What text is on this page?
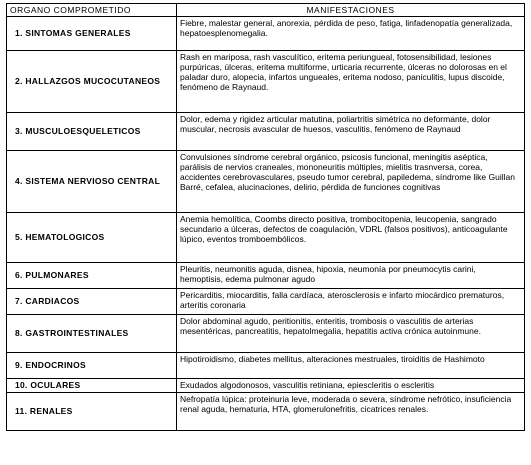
ORGANO COMPROMETIDO	MANIFESTACIONES
1. SINTOMAS GENERALES	Fiebre, malestar general, anorexia, pérdida de peso, fatiga, linfadenopatía generalizada, hepatoesplenomegalia.
2. HALLAZGOS MUCOCUTANEOS	Rash en mariposa, rash vasculítico, eritema periungueal, fotosensibilidad, lesiones purpúricas, úlceras, eritema multiforme, urticaria recurrente, úlceras no dolorosas en el paladar duro, alopecia, infartos ungueales, eritema nodoso, paniculitis, lupus discoide, fenómeno de Raynaud.
3. MUSCULOESQUELETICOS	Dolor, edema y rigidez articular matutina, poliartritis simétrica no deformante, dolor muscular, necrosis avascular de huesos, vasculitis, fenómeno de Raynaud
4. SISTEMA NERVIOSO CENTRAL	Convulsiones síndrome cerebral orgánico, psicosis funcional, meningitis aséptica, parálisis de nervios craneales, mononeuritis múltiples, mielitis trasnversa, corea, accidentes cerebrovasculares, pseudo tumor cerebral, papiledema, síndrome like Guillan Barré, cefalea, alucinaciones, delirio, pérdida de funciones cognitivas
5. HEMATOLOGICOS	Anemia hemolítica, Coombs directo positiva, trombocitopenia, leucopenia, sangrado secundario a úlceras, defectos de coagulación, VDRL (falsos positivos), anticoagulante lúpico, eventos tromboembólicos.
6. PULMONARES	Pleuritis, neumonitis aguda, disnea, hipoxia, neumonía por pneumocytis carini, hemoptisis, edema pulmonar agudo
7. CARDIACOS	Pericarditis, miocarditis, falla cardíaca, aterosclerosis e infarto miocárdico prematuros, arteritis coronaria
8. GASTROINTESTINALES	Dolor abdominal agudo, peritionitis, enteritis, trombosis o vasculitis de arterias mesentéricas, pancreatitis, hepatolmegalia, hepatitis activa crónica autoinmune.
9. ENDOCRINOS	Hipotiroidismo, diabetes mellitus, alteraciones mestruales, tiroiditis de Hashimoto
10. OCULARES	Exudados algodonosos, vasculitis retiniana, epiescleritis o escleritis
11. RENALES	Nefropatía lúpica: proteinuria leve, moderada o severa, síndrome nefrótico, insuficiencia renal aguda, hematuria, HTA, glomerulonefritis, cicatrices renales.
